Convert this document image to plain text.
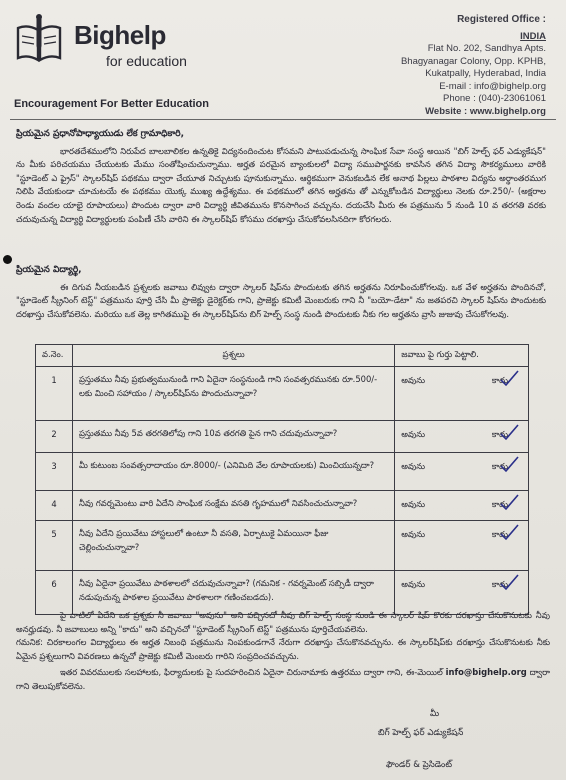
Bighelp
for education
Encouragement For Better Education
Registered Office :
INDIA
Flat No. 202, Sandhya Apts.
Bhagyanagar Colony, Opp. KPHB,
Kukatpally, Hyderabad, India
E-mail : info@bighelp.org
Phone : (040)-23061061
Website : www.bighelp.org
ప్రియమైన ప్రధానోపాధ్యాయుడు లేక గ్రామాధికారి,
భారతదేశములోని నిరుపేద బాలబాలికల ఉన్నతికై విద్యనందించుట కోసమని పాటుపడుచున్న సాంఘిక సేవా సంస్థ అయిన "బిగ్ హెల్ప్ ఫర్ ఎడ్యుకేషన్" ను మీకు పరిచయము చేయుటకు మేము సంతోషించుచున్నాము. అర్హత పరమైన బ్యాంకులలో విద్యా సముపార్జనకు కావసిన తగిన విద్యా సౌకర్యములు వారికి "స్టూడెంట్ ఎ ఫ్రైస్" స్కాలర్‌షిప్ పథకము ద్వారా చేయూత నిచ్చుటకు పూనుకున్నాము. ఆర్థికముగా వెనుకబడిన లేక అనాథ పిల్లలు పాఠశాల విద్యను అర్థాంతరముగ నిలిపి వేయకుండా చూచుటయే ఈ పథకము యొక్క ముఖ్య ఉద్దేశ్యము. ఈ పథకములో తగిన అర్హతను తో ఎన్నుకోబడిన విద్యార్థులు నెలకు రూ.250/- (అక్షరాల రెండు వందల యాభై రూపాయలు) పొందుట ద్వారా వారి విద్యార్థి జీవితమును కొనసాగించ వచ్చును. దయచేసి మీరు ఈ పత్రమును 5 నుండి 10 వ తరగతి వరకు చదువుచున్న విద్యార్థి విద్యార్థులకు పంపిణీ చేసి వారిని ఈ స్కాలర్‌షిప్ కోసము దరఖాస్తు చేసుకోవలసినదిగా కోరగలరు.
ప్రియమైన విద్యార్థి,
ఈ దిగువ నీయబడిన ప్రశ్నలకు జవాబు లివ్వుట ద్వారా స్కాలర్ షిప్‌ను పొందుటకు తగిన అర్హతను నిరూపించుకోగలవు. ఒక వేళ అర్హతను పొందినచో, "స్టూడెంట్ స్క్రీనింగ్ టెస్ట్" పత్రమును పూర్తి చేసి మీ ప్రాజెక్టు డైరెక్టర్‌కు గాని, ప్రాజెక్టు కమిటీ మెంబరుకు గాని నీ "బయో-డేటా" ను జతపరచి స్కాలర్ షిప్‌ను పొందుటకు దరఖాస్తు చేసుకోవలెను. మరియు ఒక తెల్ల కాగితముపై ఈ స్కాలర్‌షిప్‌ను బిగ్ హెల్ప్ సంస్థ నుండి పొందుటకు నీకు గల అర్హతను వ్రాసి జుజువు చేసుకోగలవు.
వ.నెం.	ప్రశ్నలు	జవాబు పై గుర్తు పెట్టాలి.
1	ప్రస్తుతము నీవు ప్రభుత్వమునుండి గాని ఏదైనా సంస్థనుండి గాని సంవత్సరమునకు రూ.500/- లకు మించి సహాయం / స్కాలర్‌షిప్‌ను పొందుచున్నావా?	అవును కాదు

2	ప్రస్తుతము నీవు 5వ తరగతిలోపు గాని 10వ తరగతి పైన గాని చదువుచున్నావా?	అవును కాదు

3	మీ కుటుంబ సంవత్సరాదాయం రూ.8000/- (ఎనిమిది వేల రూపాయలకు) మించియున్నదా?	అవును కాదు

4	నీవు గవర్నమెంటు వారి ఏదేని సాంఘిక సంక్షేమ వసతి గృహములో నివసించుచున్నావా?	అవును కాదు

5	నీవు ఏదేని ప్రయివేటు హాస్టలులో ఉంటూ నీ వసతి, ఏర్పాటుకై ఏమయినా ఫీజు చెల్లించుచున్నావా?	అవును కాదు

6	నీవు ఏదైనా ప్రయివేటు పాఠశాలలో చదువుచున్నావా? (గమనిక - గవర్నమెంట్ సబ్సిడీ ద్వారా నడుపుచున్న పాఠశాల ప్రయివేటు పాఠశాలగా గణించబడదు).	అవును కాదు
పై వాటిలో ఏదేని ఒక ప్రశ్నకు నీ జవాబు "అవును" అని వచ్చినచో నీవు బిగ్ హెల్ప్ సంస్థ నుండి ఈ స్కాలర్ షిప్ కొరకు దరఖాస్తు చేసుకొనుటకు నీవు అనర్హుడవు. నీ జవాబులు అన్ని "కాదు" అని వచ్చినచో "స్టూడెంట్ స్క్రీనింగ్ టెస్ట్" పత్రమును పూర్తిచేయవలెను.
గమనిక: చిరకాలంగల విద్యార్థులు ఈ అర్హత నిబంధి పత్రమును నింపకుండగానే నేరుగా దరఖాస్తు చేసుకొనవచ్చును. ఈ స్కాలర్‌షిప్‌కు దరఖాస్తు చేసుకొనుటకు నీకు ఏమైన ప్రశ్నలుగాని వివరణలు ఉన్నచో ప్రాజెక్టు కమిటీ మెంబరు గారిని సంప్రదించవచ్చును.
ఇతర వివరములకు సలహాలకు, ఫిర్యాదులకు పై సుదహరించిన ఏదైనా చిరునామాకు ఉత్తరము ద్వారా గాని, ఈ-మెయిల్ info@bighelp.org ద్వారా గాని తెలుపుకోవలెను.
మీ
బిగ్ హెల్ప్ ఫర్ ఎడ్యుకేషన్
ఫౌండర్ & ప్రెసిడెంట్
